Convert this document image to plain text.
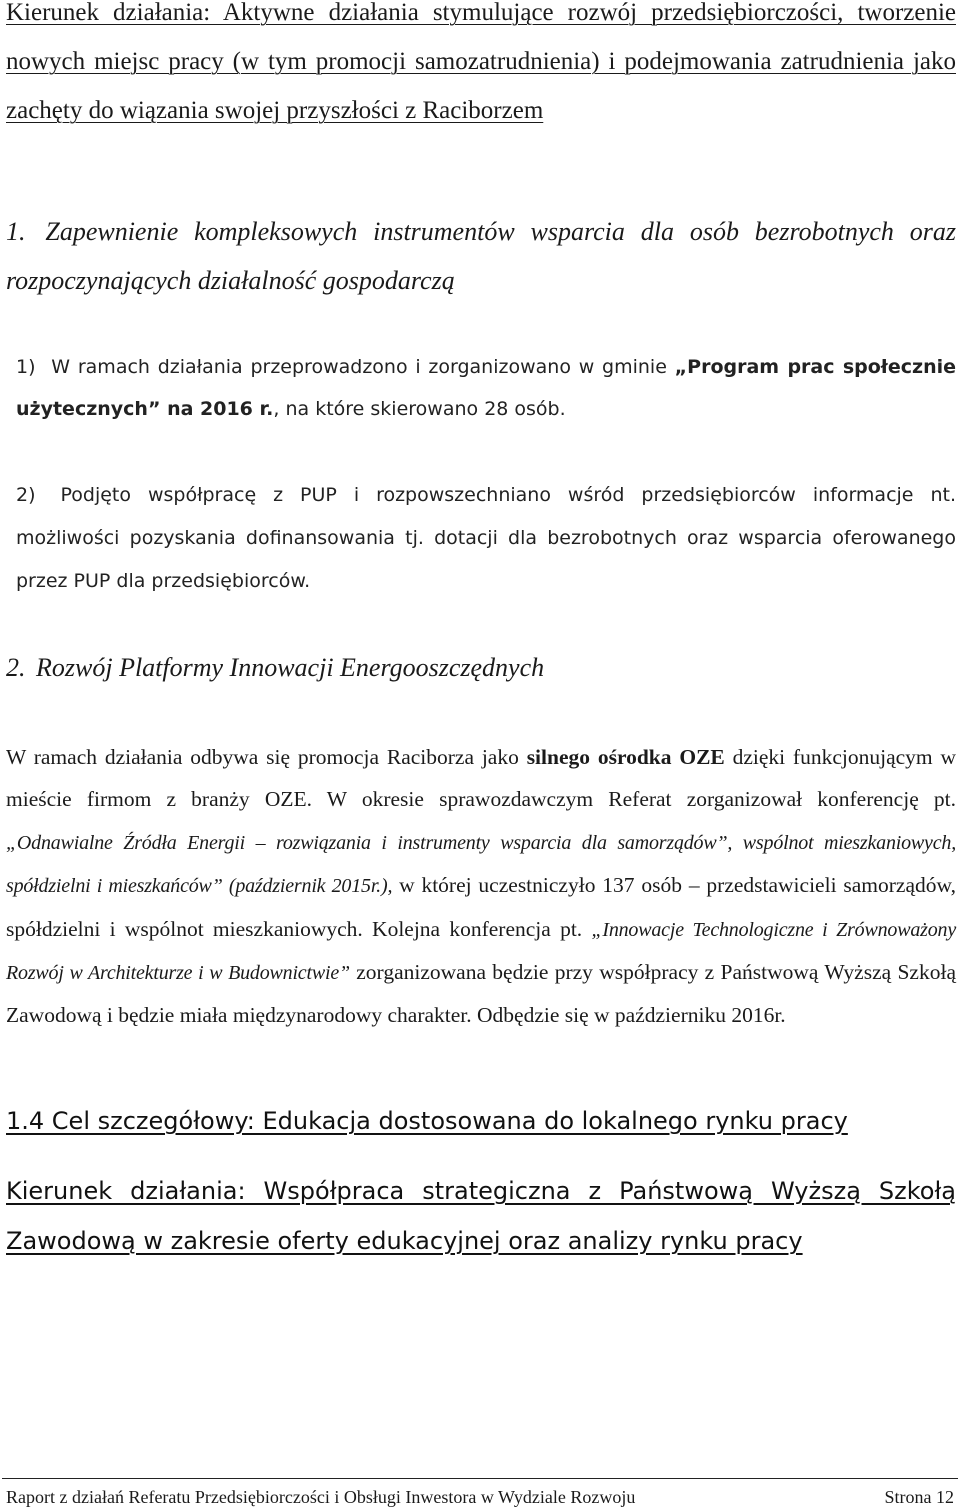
Kierunek działania: Aktywne działania stymulujące rozwój przedsiębiorczości, tworzenie nowych miejsc pracy (w tym promocji samozatrudnienia) i podejmowania zatrudnienia jako zachęty do wiązania swojej przyszłości z Raciborzem
1. Zapewnienie kompleksowych instrumentów wsparcia dla osób bezrobotnych oraz rozpoczynających działalność gospodarczą
1) W ramach działania przeprowadzono i zorganizowano w gminie „Program prac społecznie użytecznych” na 2016 r., na które skierowano 28 osób.
2) Podjęto współpracę z PUP i rozpowszechniano wśród przedsiębiorców informacje nt. możliwości pozyskania dofinansowania tj. dotacji dla bezrobotnych oraz wsparcia oferowanego przez PUP dla przedsiębiorców.
2. Rozwój Platformy Innowacji Energooszczędnych
W ramach działania odbywa się promocja Raciborza jako silnego ośrodka OZE dzięki funkcjonującym w mieście firmom z branży OZE. W okresie sprawozdawczym Referat zorganizował konferencję pt. „Odnawialne Źródła Energii – rozwiązania i instrumenty wsparcia dla samorządów”, wspólnot mieszkaniowych, spółdzielni i mieszkańców” (październik 2015r.), w której uczestniczyło 137 osób – przedstawicieli samorządów, spółdzielni i wspólnot mieszkaniowych. Kolejna konferencja pt. „Innowacje Technologiczne i Zrównoważony Rozwój w Architekturze i w Budownictwie” zorganizowana będzie przy współpracy z Państwową Wyższą Szkołą Zawodową i będzie miała międzynarodowy charakter. Odbędzie się w październiku 2016r.
1.4 Cel szczegółowy: Edukacja dostosowana do lokalnego rynku pracy
Kierunek działania: Współpraca strategiczna z Państwową Wyższą Szkołą Zawodową w zakresie oferty edukacyjnej oraz analizy rynku pracy
Raport z działań Referatu Przedsiębiorczości i Obsługi Inwestora w Wydziale Rozwoju	Strona 12
